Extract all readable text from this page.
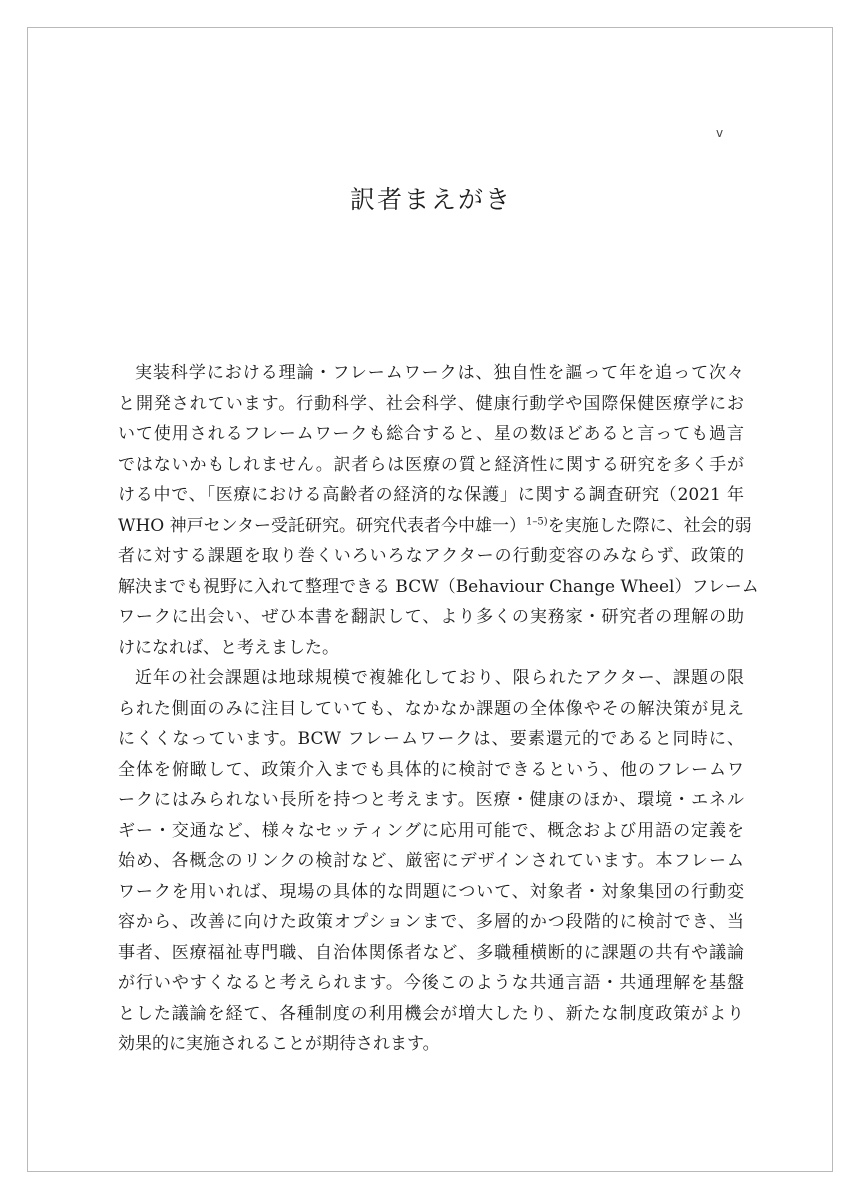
v
訳者まえがき
実装科学における理論・フレームワークは、独自性を謳って年を追って次々
と開発されています。行動科学、社会科学、健康行動学や国際保健医療学にお
いて使用されるフレームワークも総合すると、星の数ほどあると言っても過言
ではないかもしれません。訳者らは医療の質と経済性に関する研究を多く手が
ける中で、「医療における高齢者の経済的な保護」に関する調査研究（2021 年
WHO 神戸センター受託研究。研究代表者今中雄一）$^{1-5)}$を実施した際に、社会的弱
者に対する課題を取り巻くいろいろなアクターの行動変容のみならず、政策的
解決までも視野に入れて整理できる BCW（Behaviour Change Wheel）フレーム
ワークに出会い、ぜひ本書を翻訳して、より多くの実務家・研究者の理解の助
けになれば、と考えました。
近年の社会課題は地球規模で複雑化しており、限られたアクター、課題の限
られた側面のみに注目していても、なかなか課題の全体像やその解決策が見え
にくくなっています。BCW フレームワークは、要素還元的であると同時に、
全体を俯瞰して、政策介入までも具体的に検討できるという、他のフレームワ
ークにはみられない長所を持つと考えます。医療・健康のほか、環境・エネル
ギー・交通など、様々なセッティングに応用可能で、概念および用語の定義を
始め、各概念のリンクの検討など、厳密にデザインされています。本フレーム
ワークを用いれば、現場の具体的な問題について、対象者・対象集団の行動変
容から、改善に向けた政策オプションまで、多層的かつ段階的に検討でき、当
事者、医療福祉専門職、自治体関係者など、多職種横断的に課題の共有や議論
が行いやすくなると考えられます。今後このような共通言語・共通理解を基盤
とした議論を経て、各種制度の利用機会が増大したり、新たな制度政策がより
効果的に実施されることが期待されます。
